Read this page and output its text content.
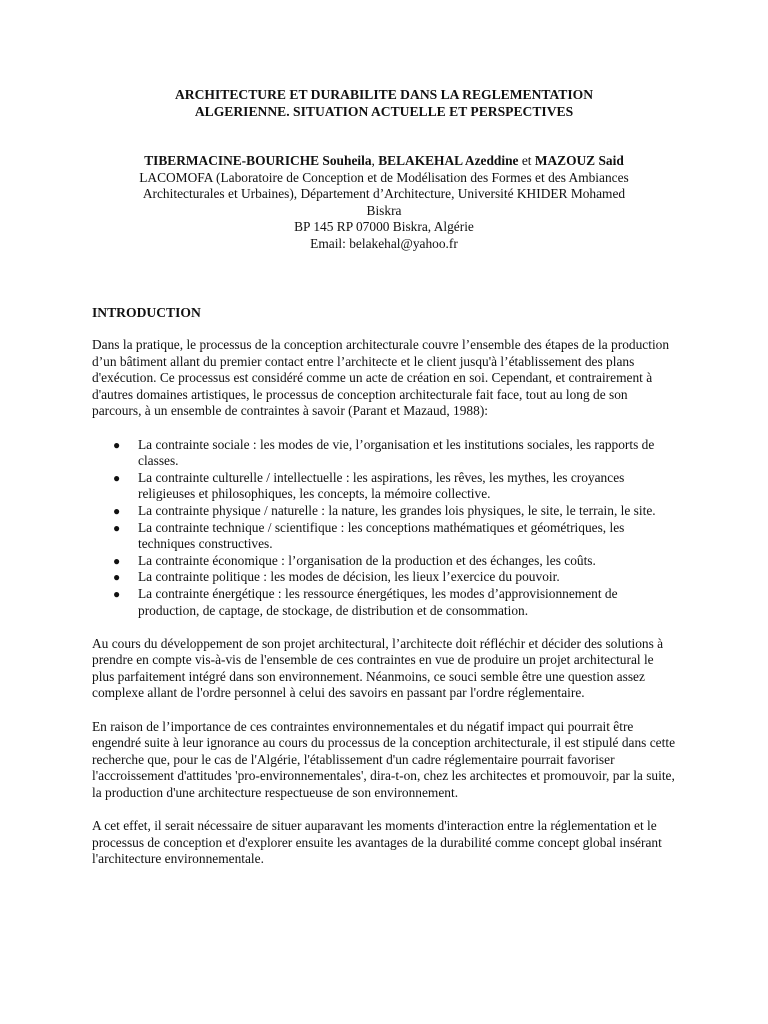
ARCHITECTURE ET DURABILITE DANS LA REGLEMENTATION
ALGERIENNE. SITUATION ACTUELLE ET PERSPECTIVES
TIBERMACINE-BOURICHE Souheila, BELAKEHAL Azeddine et MAZOUZ Said
LACOMOFA (Laboratoire de Conception et de Modélisation des Formes et des Ambiances
Architecturales et Urbaines), Département d’Architecture, Université KHIDER Mohamed
Biskra
BP 145 RP 07000 Biskra, Algérie
Email: belakehal@yahoo.fr
INTRODUCTION

Dans la pratique, le processus de la conception architecturale couvre l’ensemble des étapes de la production d’un bâtiment allant du premier contact entre l’architecte et le client jusqu'à l’établissement des plans d'exécution. Ce processus est considéré comme un acte de création en soi. Cependant, et contrairement à d'autres domaines artistiques, le processus de conception architecturale fait face, tout au long de son parcours, à un ensemble de contraintes à savoir (Parant et Mazaud, 1988):

● La contrainte sociale : les modes de vie, l’organisation et les institutions sociales, les rapports de classes.
● La contrainte culturelle / intellectuelle : les aspirations, les rêves, les mythes, les croyances religieuses et philosophiques, les concepts, la mémoire collective.
● La contrainte physique / naturelle : la nature, les grandes lois physiques, le site, le terrain, le site.
● La contrainte technique / scientifique : les conceptions mathématiques et géométriques, les techniques constructives.
● La contrainte économique : l’organisation de la production et des échanges, les coûts.
● La contrainte politique : les modes de décision, les lieux l’exercice du pouvoir.
● La contrainte énergétique : les ressource énergétiques, les modes d’approvisionnement de production, de captage, de stockage, de distribution et de consommation.

Au cours du développement de son projet architectural, l’architecte doit réfléchir et décider des solutions à prendre en compte vis-à-vis de l'ensemble de ces contraintes en vue de produire un projet architectural le plus parfaitement intégré dans son environnement. Néanmoins, ce souci semble être une question assez complexe allant de l'ordre personnel à celui des savoirs en passant par l'ordre réglementaire.

En raison de l’importance de ces contraintes environnementales et du négatif impact qui pourrait être engendré suite à leur ignorance au cours du processus de la conception architecturale, il est stipulé dans cette recherche que, pour le cas de l'Algérie, l'établissement d'un cadre réglementaire pourrait favoriser l'accroissement d'attitudes 'pro-environnementales', dira-t-on, chez les architectes et promouvoir, par la suite, la production d'une architecture respectueuse de son environnement.

A cet effet, il serait nécessaire de situer auparavant les moments d'interaction entre la réglementation et le processus de conception et d'explorer ensuite les avantages de la durabilité comme concept global insérant l'architecture environnementale.
